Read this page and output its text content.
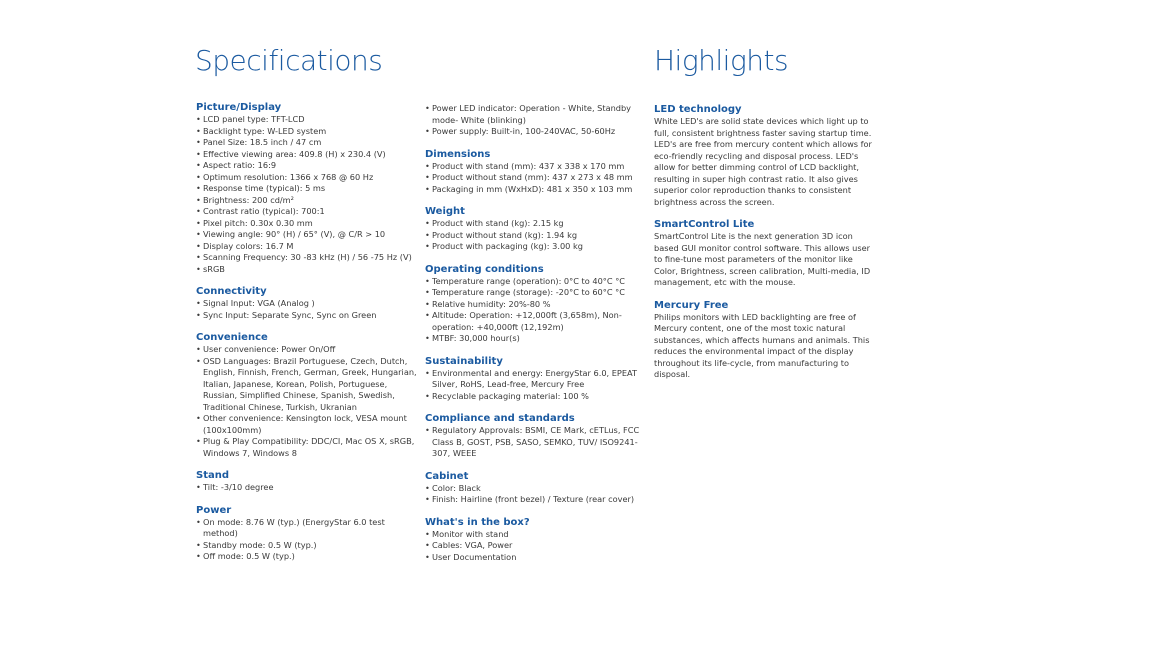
Specifications	Highlights
Picture/Display
• LCD panel type: TFT-LCD
• Backlight type: W-LED system
• Panel Size: 18.5 inch / 47 cm
• Effective viewing area: 409.8 (H) x 230.4 (V)
• Aspect ratio: 16:9
• Optimum resolution: 1366 x 768 @ 60 Hz
• Response time (typical): 5 ms
• Brightness: 200 cd/m²
• Contrast ratio (typical): 700:1
• Pixel pitch: 0.30x 0.30 mm
• Viewing angle: 90° (H) / 65° (V), @ C/R > 10
• Display colors: 16.7 M
• Scanning Frequency: 30 -83 kHz (H) / 56 -75 Hz (V)
• sRGB
Connectivity
• Signal Input: VGA (Analog )
• Sync Input: Separate Sync, Sync on Green
Convenience
• User convenience: Power On/Off
• OSD Languages: Brazil Portuguese, Czech, Dutch, English, Finnish, French, German, Greek, Hungarian, Italian, Japanese, Korean, Polish, Portuguese, Russian, Simplified Chinese, Spanish, Swedish, Traditional Chinese, Turkish, Ukranian
• Other convenience: Kensington lock, VESA mount (100x100mm)
• Plug & Play Compatibility: DDC/CI, Mac OS X, sRGB, Windows 7, Windows 8
Stand
• Tilt: -3/10 degree
Power
• On mode: 8.76 W (typ.) (EnergyStar 6.0 test method)
• Standby mode: 0.5 W (typ.)
• Off mode: 0.5 W (typ.)
• Power LED indicator: Operation - White, Standby mode- White (blinking)
• Power supply: Built-in, 100-240VAC, 50-60Hz
Dimensions
• Product with stand (mm): 437 x 338 x 170 mm
• Product without stand (mm): 437 x 273 x 48 mm
• Packaging in mm (WxHxD): 481 x 350 x 103 mm
Weight
• Product with stand (kg): 2.15 kg
• Product without stand (kg): 1.94 kg
• Product with packaging (kg): 3.00 kg
Operating conditions
• Temperature range (operation): 0°C to 40°C °C
• Temperature range (storage): -20°C to 60°C °C
• Relative humidity: 20%-80 %
• Altitude: Operation: +12,000ft (3,658m), Non-operation: +40,000ft (12,192m)
• MTBF: 30,000 hour(s)
Sustainability
• Environmental and energy: EnergyStar 6.0, EPEAT Silver, RoHS, Lead-free, Mercury Free
• Recyclable packaging material: 100 %
Compliance and standards
• Regulatory Approvals: BSMI, CE Mark, cETLus, FCC Class B, GOST, PSB, SASO, SEMKO, TUV/ ISO9241-307, WEEE
Cabinet
• Color: Black
• Finish: Hairline (front bezel) / Texture (rear cover)
What's in the box?
• Monitor with stand
• Cables: VGA, Power
• User Documentation
LED technology

White LED's are solid state devices which light up to full, consistent brightness faster saving startup time. LED's are free from mercury content which allows for eco-friendly recycling and disposal process. LED's allow for better dimming control of LCD backlight, resulting in super high contrast ratio. It also gives superior color reproduction thanks to consistent brightness across the screen.

SmartControl Lite

SmartControl Lite is the next generation 3D icon based GUI monitor control software. This allows user to fine-tune most parameters of the monitor like Color, Brightness, screen calibration, Multi-media, ID management, etc with the mouse.

Mercury Free

Philips monitors with LED backlighting are free of Mercury content, one of the most toxic natural substances, which affects humans and animals. This reduces the environmental impact of the display throughout its life-cycle, from manufacturing to disposal.
